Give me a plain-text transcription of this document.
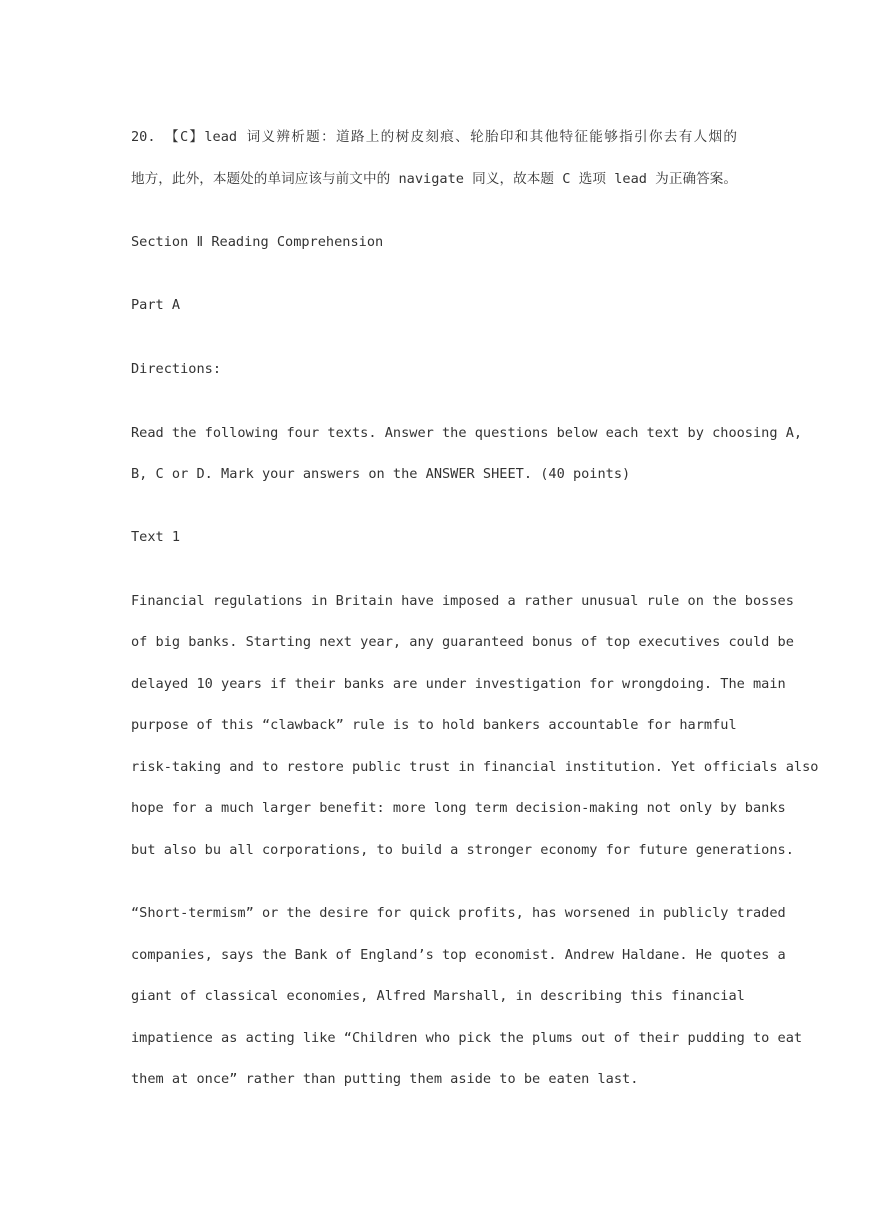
20. 【C】lead 词义辨析题：道路上的树皮刻痕、轮胎印和其他特征能够指引你去有人烟的
地方，此外，本题处的单词应该与前文中的 navigate 同义，故本题 C 选项 lead 为正确答案。
Section Ⅱ Reading Comprehension
Part A
Directions:
Read the following four texts. Answer the questions below each text by choosing A,
B, C or D. Mark your answers on the ANSWER SHEET. (40 points)
Text 1
Financial regulations in Britain have imposed a rather unusual rule on the bosses
of big banks. Starting next year, any guaranteed bonus of top executives could be
delayed 10 years if their banks are under investigation for wrongdoing. The main
purpose of this “clawback” rule is to hold bankers accountable for harmful
risk-taking and to restore public trust in financial institution. Yet officials also
hope for a much larger benefit: more long term decision-making not only by banks
but also bu all corporations, to build a stronger economy for future generations.
“Short-termism” or the desire for quick profits, has worsened in publicly traded
companies, says the Bank of England’s top economist. Andrew Haldane. He quotes a
giant of classical economies, Alfred Marshall, in describing this financial
impatience as acting like “Children who pick the plums out of their pudding to eat
them at once” rather than putting them aside to be eaten last.
